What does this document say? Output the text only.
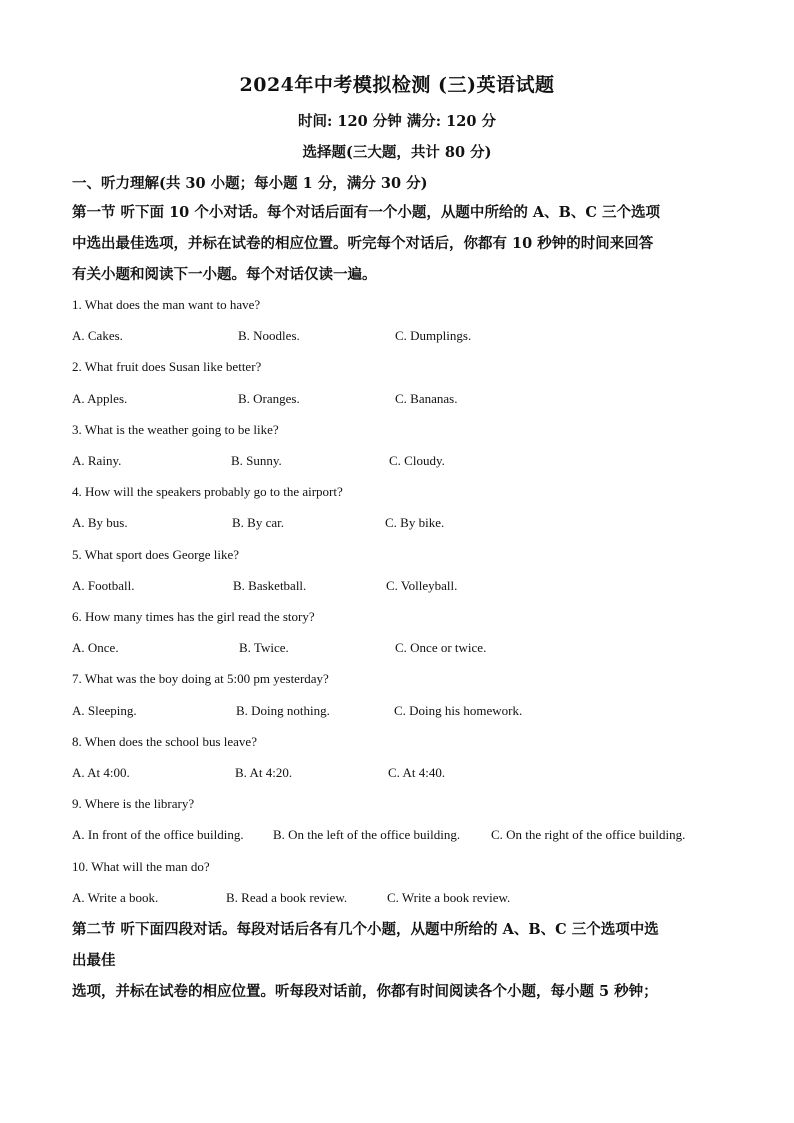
2024年中考模拟检测 (三)英语试题
时间: 120 分钟 满分: 120 分
选择题(三大题，共计 80 分)
一、听力理解(共 30 小题；每小题 1 分，满分 30 分)
第一节 听下面 10 个小对话。每个对话后面有一个小题，从题中所给的 A、B、C 三个选项
中选出最佳选项，并标在试卷的相应位置。听完每个对话后，你都有 10 秒钟的时间来回答
有关小题和阅读下一小题。每个对话仅读一遍。
1. What does the man want to have?
A. Cakes.	B. Noodles.	C. Dumplings.
2. What fruit does Susan like better?
A. Apples.	B. Oranges.	C. Bananas.
3. What is the weather going to be like?
A. Rainy.	B. Sunny.	C. Cloudy.
4. How will the speakers probably go to the airport?
A. By bus.	B. By car.	C. By bike.
5. What sport does George like?
A. Football.	B. Basketball.	C. Volleyball.
6. How many times has the girl read the story?
A. Once.	B. Twice.	C. Once or twice.
7. What was the boy doing at 5:00 pm yesterday?
A. Sleeping.	B. Doing nothing.	C. Doing his homework.
8. When does the school bus leave?
A. At 4:00.	B. At 4:20.	C. At 4:40.
9. Where is the library?
A. In front of the office building. B. On the left of the office building. C. On the right of the office building.
10. What will the man do?
A. Write a book.	B. Read a book review.	C. Write a book review.
第二节 听下面四段对话。每段对话后各有几个小题，从题中所给的 A、B、C 三个选项中选
出最佳
选项，并标在试卷的相应位置。听每段对话前，你都有时间阅读各个小题，每小题 5 秒钟；
